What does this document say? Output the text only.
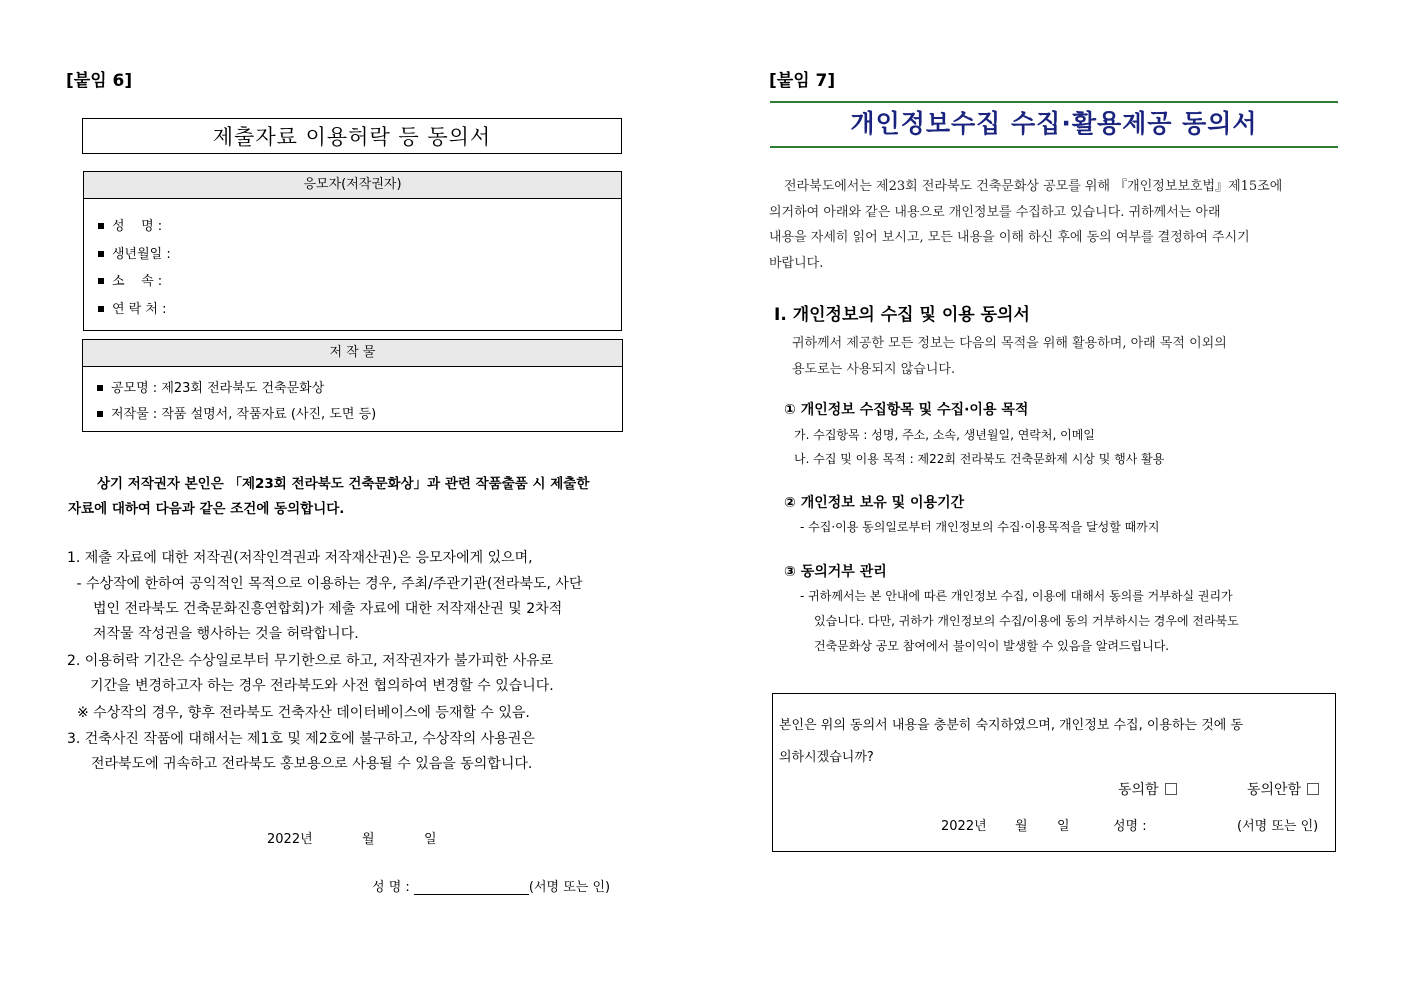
[붙임 6]
제출자료 이용허락 등 동의서
응모자(저작권자)
성    명 :
생년월일 :
소    속 :
연 락 처 :
저 작 물
공모명 : 제23회 전라북도 건축문화상
저작물 : 작품 설명서, 작품자료 (사진, 도면 등)
상기 저작권자 본인은 「제23회 전라북도 건축문화상」과 관련 작품출품 시 제출한
자료에 대하여 다음과 같은 조건에 동의합니다.
1. 제출 자료에 대한 저작권(저작인격권과 저작재산권)은 응모자에게 있으며,
- 수상작에 한하여 공익적인 목적으로 이용하는 경우, 주최/주관기관(전라북도, 사단
법인 전라북도 건축문화진흥연합회)가 제출 자료에 대한 저작재산권 및 2차적
저작물 작성권을 행사하는 것을 허락합니다.
2. 이용허락 기간은 수상일로부터 무기한으로 하고, 저작권자가 불가피한 사유로
기간을 변경하고자 하는 경우 전라북도와 사전 협의하여 변경할 수 있습니다.
※ 수상작의 경우, 향후 전라북도 건축자산 데이터베이스에 등재할 수 있음.
3. 건축사진 작품에 대해서는 제1호 및 제2호에 불구하고, 수상작의 사용권은
전라북도에 귀속하고 전라북도 홍보용으로 사용될 수 있음을 동의합니다.
2022년	월	일
성 명 :	(서명 또는 인)
[붙임 7]
개인정보수집 수집·활용제공 동의서
전라북도에서는 제23회 전라북도 건축문화상 공모를 위해 『개인정보보호법』제15조에
의거하여 아래와 같은 내용으로 개인정보를 수집하고 있습니다. 귀하께서는 아래
내용을 자세히 읽어 보시고, 모든 내용을 이해 하신 후에 동의 여부를 결정하여 주시기
바랍니다.
Ⅰ. 개인정보의 수집 및 이용 동의서
귀하께서 제공한 모든 정보는 다음의 목적을 위해 활용하며, 아래 목적 이외의
용도로는 사용되지 않습니다.
① 개인정보 수집항목 및 수집·이용 목적
가. 수집항목 : 성명, 주소, 소속, 생년월일, 연락처, 이메일
나. 수집 및 이용 목적 : 제22회 전라북도 건축문화제 시상 및 행사 활용
② 개인정보 보유 및 이용기간
- 수집·이용 동의일로부터 개인정보의 수집·이용목적을 달성할 때까지
③ 동의거부 관리
- 귀하께서는 본 안내에 따른 개인정보 수집, 이용에 대해서 동의를 거부하실 권리가
있습니다. 다만, 귀하가 개인정보의 수집/이용에 동의 거부하시는 경우에 전라북도
건축문화상 공모 참여에서 불이익이 발생할 수 있음을 알려드립니다.
본인은 위의 동의서 내용을 충분히 숙지하였으며, 개인정보 수집, 이용하는 것에 동
의하시겠습니까?
동의함	동의안함
2022년 월 일	성명 :	(서명 또는 인)
